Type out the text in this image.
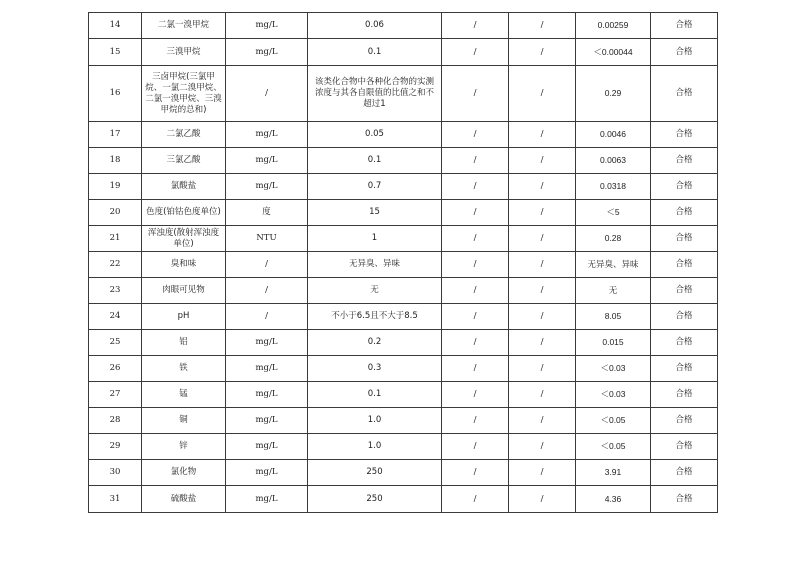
14	二氯一溴甲烷	mg/L	0.06	/	/	0.00259	合格
15	三溴甲烷	mg/L	0.1	/	/	＜0.00044	合格
16	三卤甲烷(三氯甲烷、一氯二溴甲烷、二氯一溴甲烷、三溴甲烷的总和)	/	该类化合物中各种化合物的实测浓度与其各自限值的比值之和不超过1	/	/	0.29	合格
17	二氯乙酸	mg/L	0.05	/	/	0.0046	合格
18	三氯乙酸	mg/L	0.1	/	/	0.0063	合格
19	氯酸盐	mg/L	0.7	/	/	0.0318	合格
20	色度(铂钴色度单位)	度	15	/	/	＜5	合格
21	浑浊度(散射浑浊度单位)	NTU	1	/	/	0.28	合格
22	臭和味	/	无异臭、异味	/	/	无异臭、异味	合格
23	肉眼可见物	/	无	/	/	无	合格
24	pH	/	不小于6.5且不大于8.5	/	/	8.05	合格
25	铝	mg/L	0.2	/	/	0.015	合格
26	铁	mg/L	0.3	/	/	＜0.03	合格
27	锰	mg/L	0.1	/	/	＜0.03	合格
28	铜	mg/L	1.0	/	/	＜0.05	合格
29	锌	mg/L	1.0	/	/	＜0.05	合格
30	氯化物	mg/L	250	/	/	3.91	合格
31	硫酸盐	mg/L	250	/	/	4.36	合格
